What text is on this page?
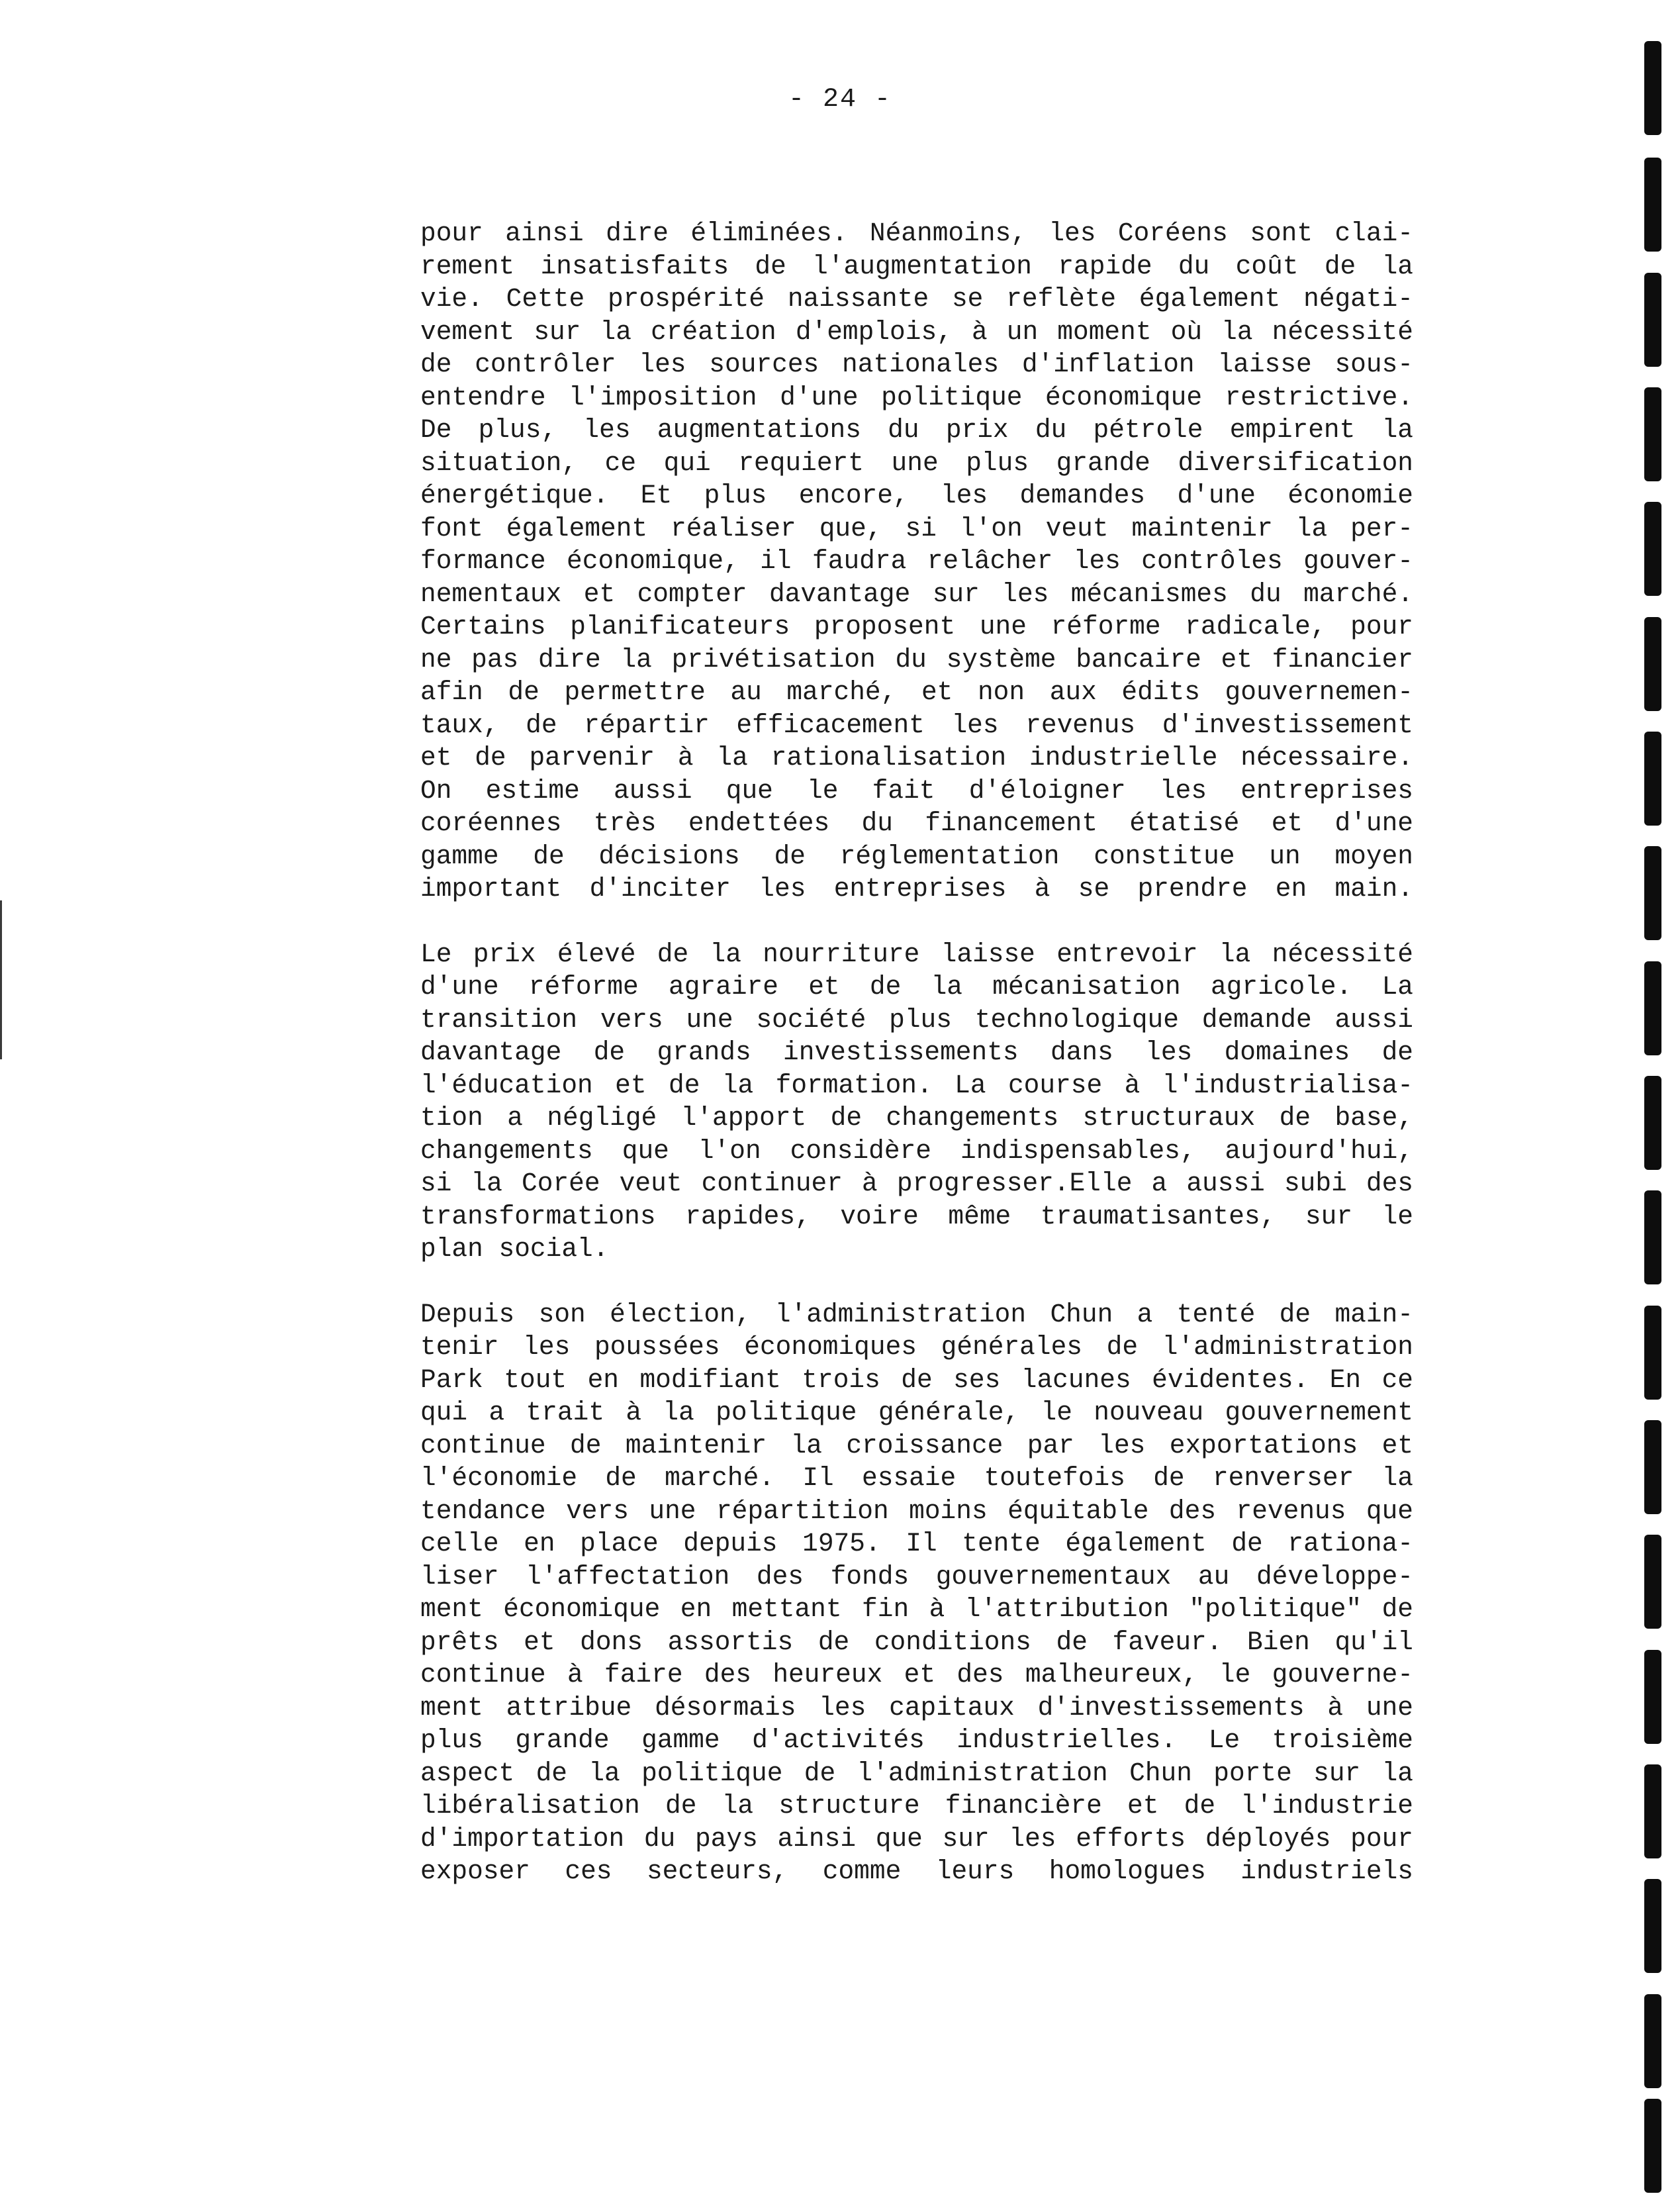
- 24 -
pour ainsi dire éliminées. Néanmoins, les Coréens sont clai-
rement insatisfaits de l'augmentation rapide du coût de la
vie. Cette prospérité naissante se reflète également négati-
vement sur la création d'emplois, à un moment où la nécessité
de contrôler les sources nationales d'inflation laisse sous-
entendre l'imposition d'une politique économique restrictive.
De plus, les augmentations du prix du pétrole empirent la
situation, ce qui requiert une plus grande diversification
énergétique. Et plus encore, les demandes d'une économie
font également réaliser que, si l'on veut maintenir la per-
formance économique, il faudra relâcher les contrôles gouver-
nementaux et compter davantage sur les mécanismes du marché.
Certains planificateurs proposent une réforme radicale, pour
ne pas dire la privétisation du système bancaire et financier
afin de permettre au marché, et non aux édits gouvernemen-
taux, de répartir efficacement les revenus d'investissement
et de parvenir à la rationalisation industrielle nécessaire.
On estime aussi que le fait d'éloigner les entreprises
coréennes très endettées du financement étatisé et d'une
gamme de décisions de réglementation constitue un moyen
important d'inciter les entreprises à se prendre en main.
Le prix élevé de la nourriture laisse entrevoir la nécessité
d'une réforme agraire et de la mécanisation agricole. La
transition vers une société plus technologique demande aussi
davantage de grands investissements dans les domaines de
l'éducation et de la formation. La course à l'industrialisa-
tion a négligé l'apport de changements structuraux de base,
changements que l'on considère indispensables, aujourd'hui,
si la Corée veut continuer à progresser.Elle a aussi subi des
transformations rapides, voire même traumatisantes, sur le
plan social.
Depuis son élection, l'administration Chun a tenté de main-
tenir les poussées économiques générales de l'administration
Park tout en modifiant trois de ses lacunes évidentes. En ce
qui a trait à la politique générale, le nouveau gouvernement
continue de maintenir la croissance par les exportations et
l'économie de marché. Il essaie toutefois de renverser la
tendance vers une répartition moins équitable des revenus que
celle en place depuis 1975. Il tente également de rationa-
liser l'affectation des fonds gouvernementaux au développe-
ment économique en mettant fin à l'attribution "politique" de
prêts et dons assortis de conditions de faveur. Bien qu'il
continue à faire des heureux et des malheureux, le gouverne-
ment attribue désormais les capitaux d'investissements à une
plus grande gamme d'activités industrielles. Le troisième
aspect de la politique de l'administration Chun porte sur la
libéralisation de la structure financière et de l'industrie
d'importation du pays ainsi que sur les efforts déployés pour
exposer ces secteurs, comme leurs homologues industriels
